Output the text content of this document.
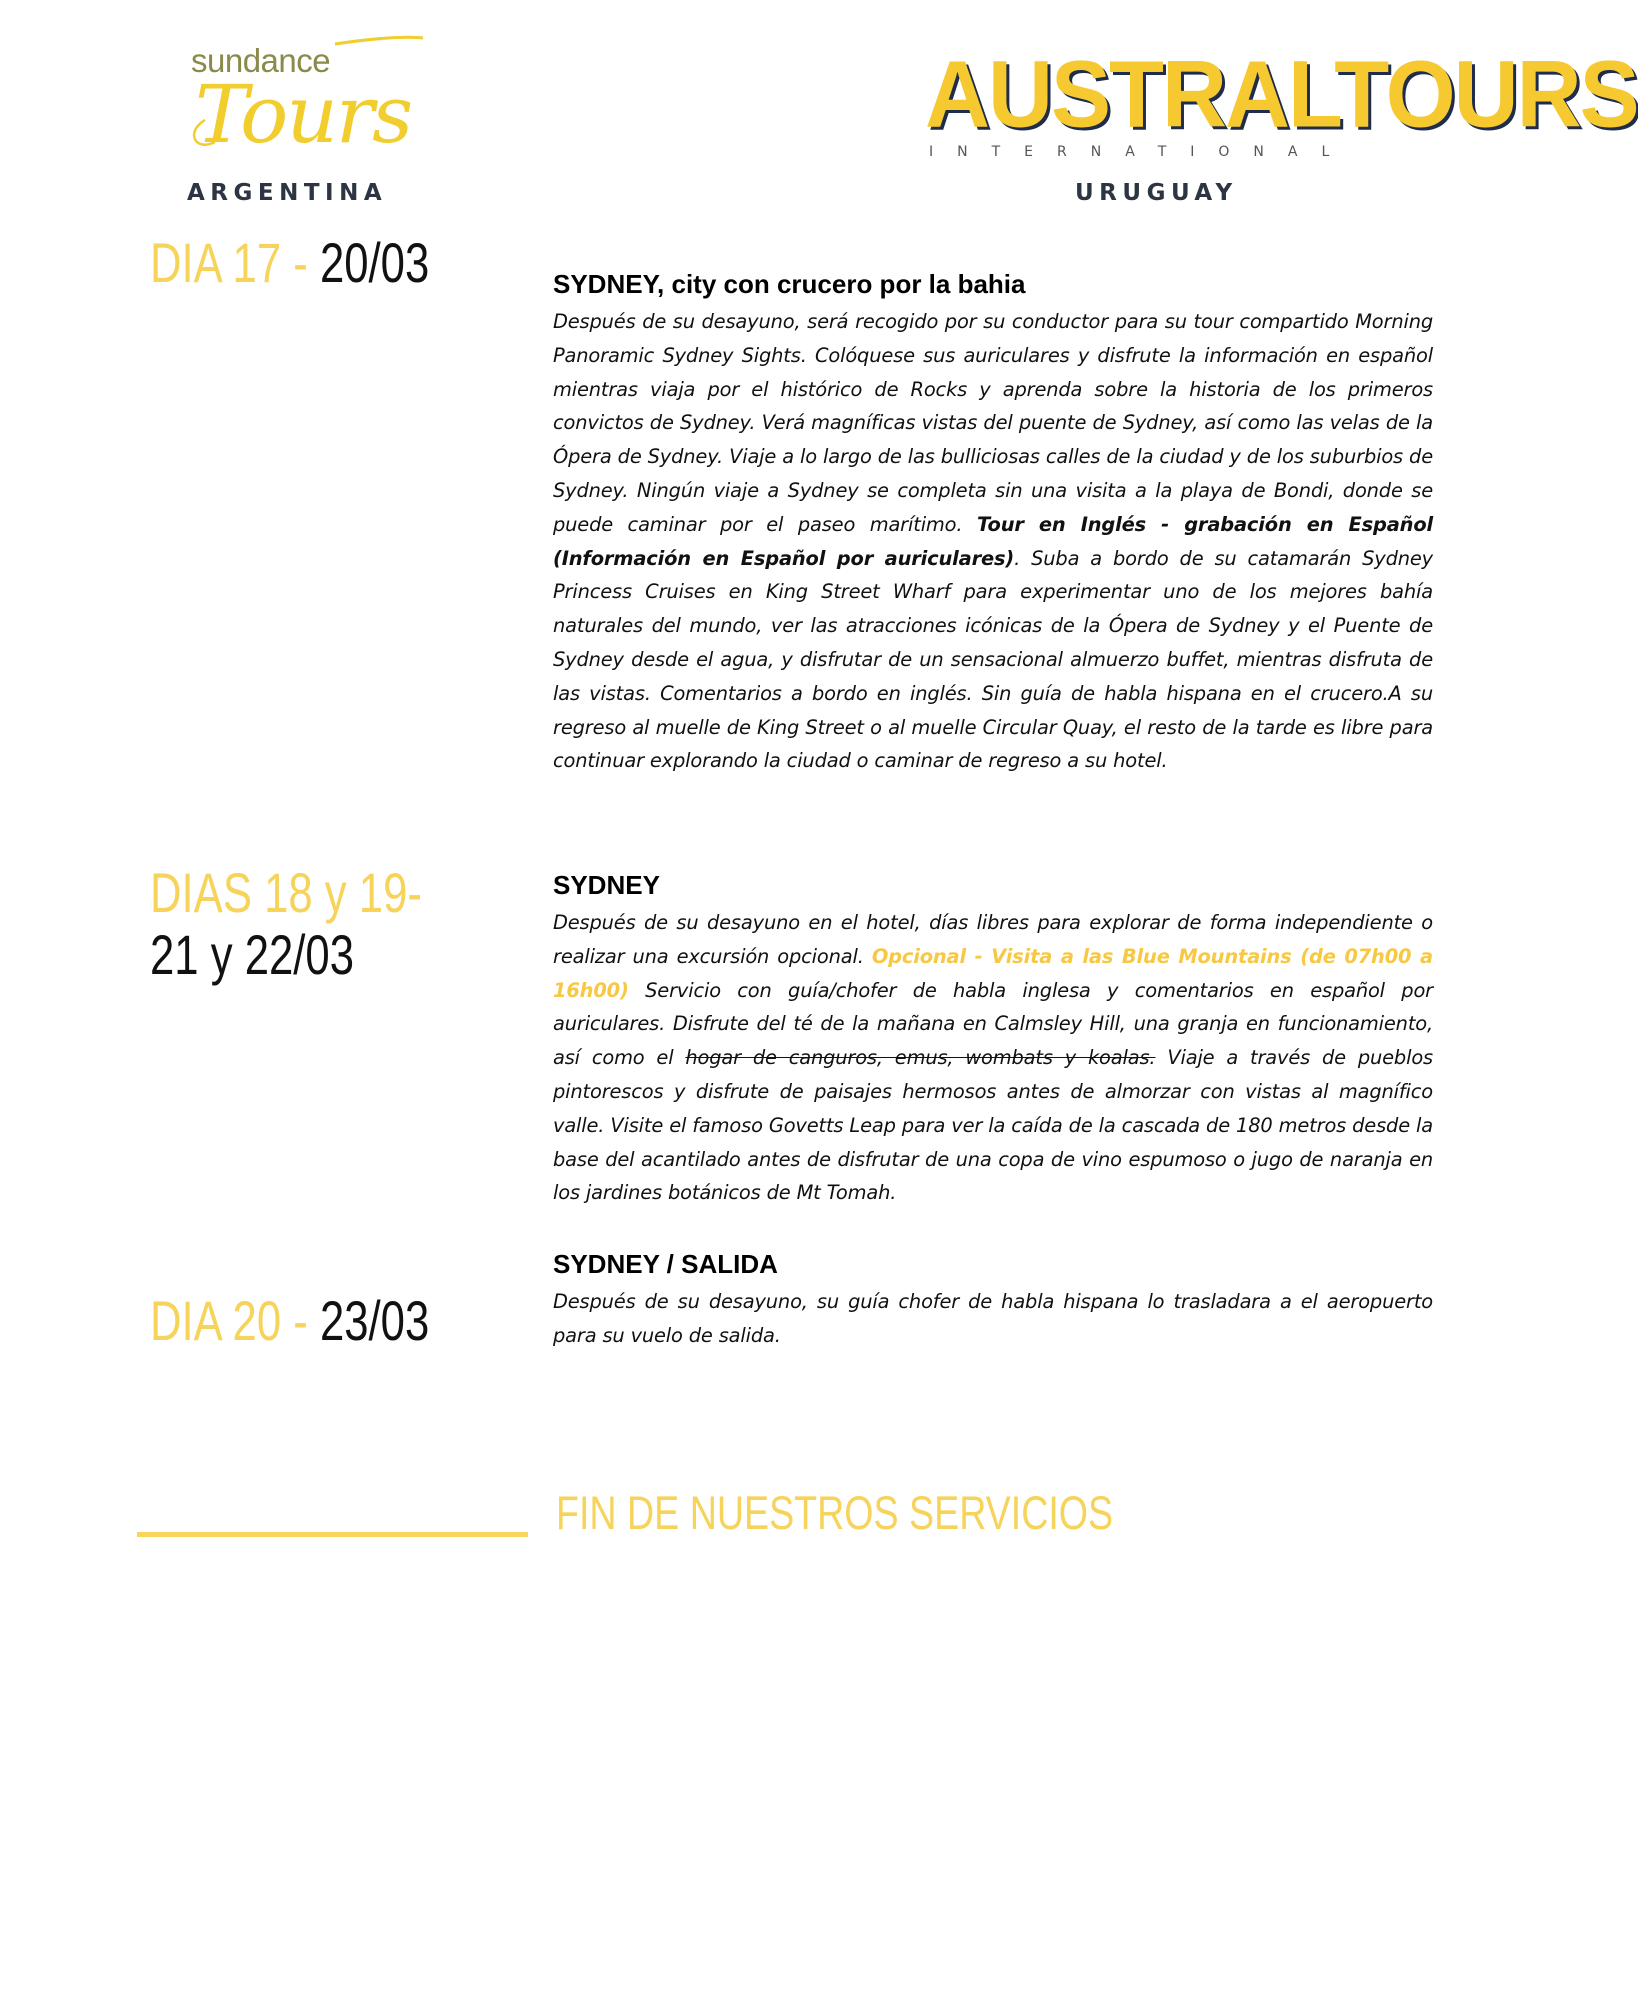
sundance
Tours
ARGENTINA
AUSTRALTOURS
INTERNATIONAL
URUGUAY
DIA 17 - 20/03
DIAS 18 y 19-
21 y 22/03
DIA 20 - 23/03
SYDNEY, city con crucero por la bahia

Después de su desayuno, será recogido por su conductor para su tour compartido Morning Panoramic Sydney Sights. Colóquese sus auriculares y disfrute la información en español mientras viaja por el histórico de Rocks y aprenda sobre la historia de los primeros convictos de Sydney. Verá magníficas vistas del puente de Sydney, así como las velas de la Ópera de Sydney. Viaje a lo largo de las bulliciosas calles de la ciudad y de los suburbios de Sydney. Ningún viaje a Sydney se completa sin una visita a la playa de Bondi, donde se puede caminar por el paseo marítimo. Tour en Inglés - grabación en Español (Información en Español por auriculares). Suba a bordo de su catamarán Sydney Princess Cruises en King Street Wharf para experimentar uno de los mejores bahía naturales del mundo, ver las atracciones icónicas de la Ópera de Sydney y el Puente de Sydney desde el agua, y disfrutar de un sensacional almuerzo buffet, mientras disfruta de las vistas. Comentarios a bordo en inglés. Sin guía de habla hispana en el crucero.A su regreso al muelle de King Street o al muelle Circular Quay, el resto de la tarde es libre para continuar explorando la ciudad o caminar de regreso a su hotel.

SYDNEY

Después de su desayuno en el hotel, días libres para explorar de forma independiente o realizar una excursión opcional. Opcional - Visita a las Blue Mountains (de 07h00 a 16h00) Servicio con guía/chofer de habla inglesa y comentarios en español por auriculares. Disfrute del té de la mañana en Calmsley Hill, una granja en funcionamiento, así como el hogar de canguros, emus, wombats y koalas. Viaje a través de pueblos pintorescos y disfrute de paisajes hermosos antes de almorzar con vistas al magnífico valle. Visite el famoso Govetts Leap para ver la caída de la cascada de 180 metros desde la base del acantilado antes de disfrutar de una copa de vino espumoso o jugo de naranja en los jardines botánicos de Mt Tomah.

SYDNEY / SALIDA

Después de su desayuno, su guía chofer de habla hispana lo trasladara a el aeropuerto para su vuelo de salida.

FIN DE NUESTROS SERVICIOS
